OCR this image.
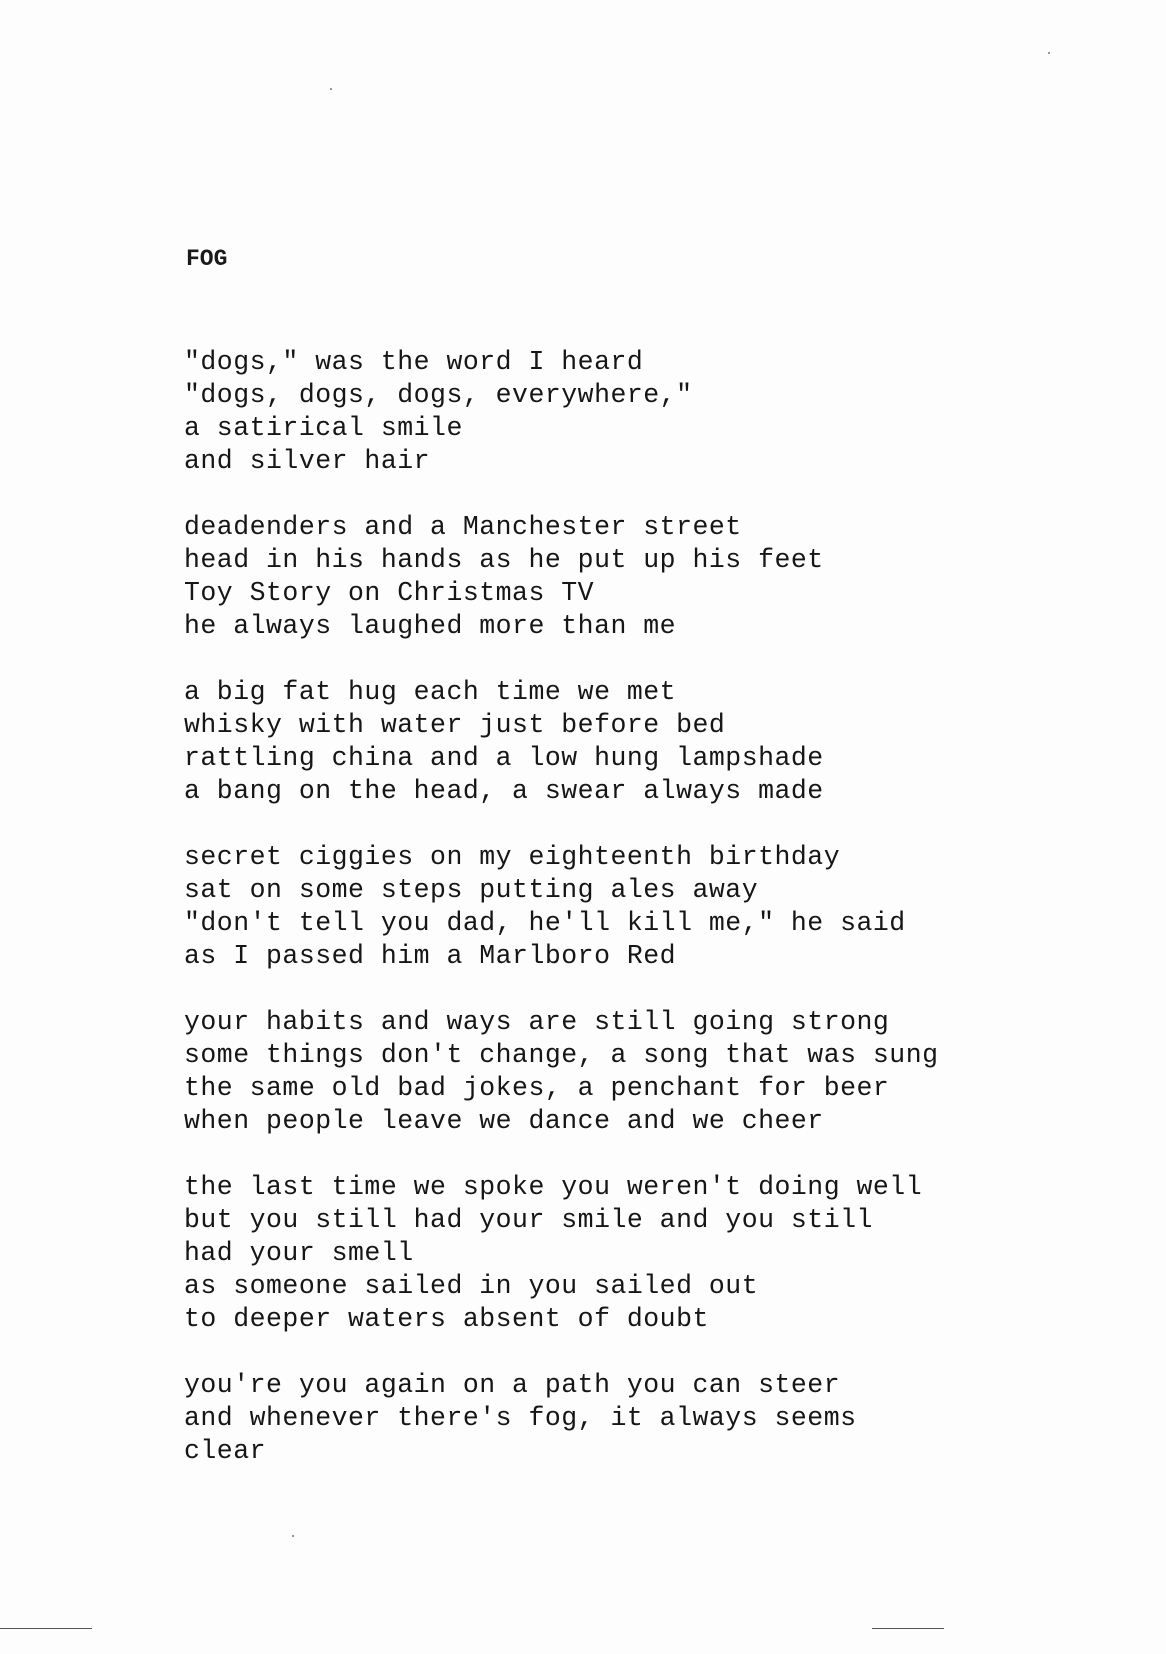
FOG
"dogs," was the word I heard
"dogs, dogs, dogs, everywhere,"
a satirical smile
and silver hair
deadenders and a Manchester street
head in his hands as he put up his feet
Toy Story on Christmas TV
he always laughed more than me
a big fat hug each time we met
whisky with water just before bed
rattling china and a low hung lampshade
a bang on the head, a swear always made
secret ciggies on my eighteenth birthday
sat on some steps putting ales away
"don't tell you dad, he'll kill me," he said
as I passed him a Marlboro Red
your habits and ways are still going strong
some things don't change, a song that was sung
the same old bad jokes, a penchant for beer
when people leave we dance and we cheer
the last time we spoke you weren't doing well
but you still had your smile and you still
had your smell
as someone sailed in you sailed out
to deeper waters absent of doubt
you're you again on a path you can steer
and whenever there's fog, it always seems
clear
